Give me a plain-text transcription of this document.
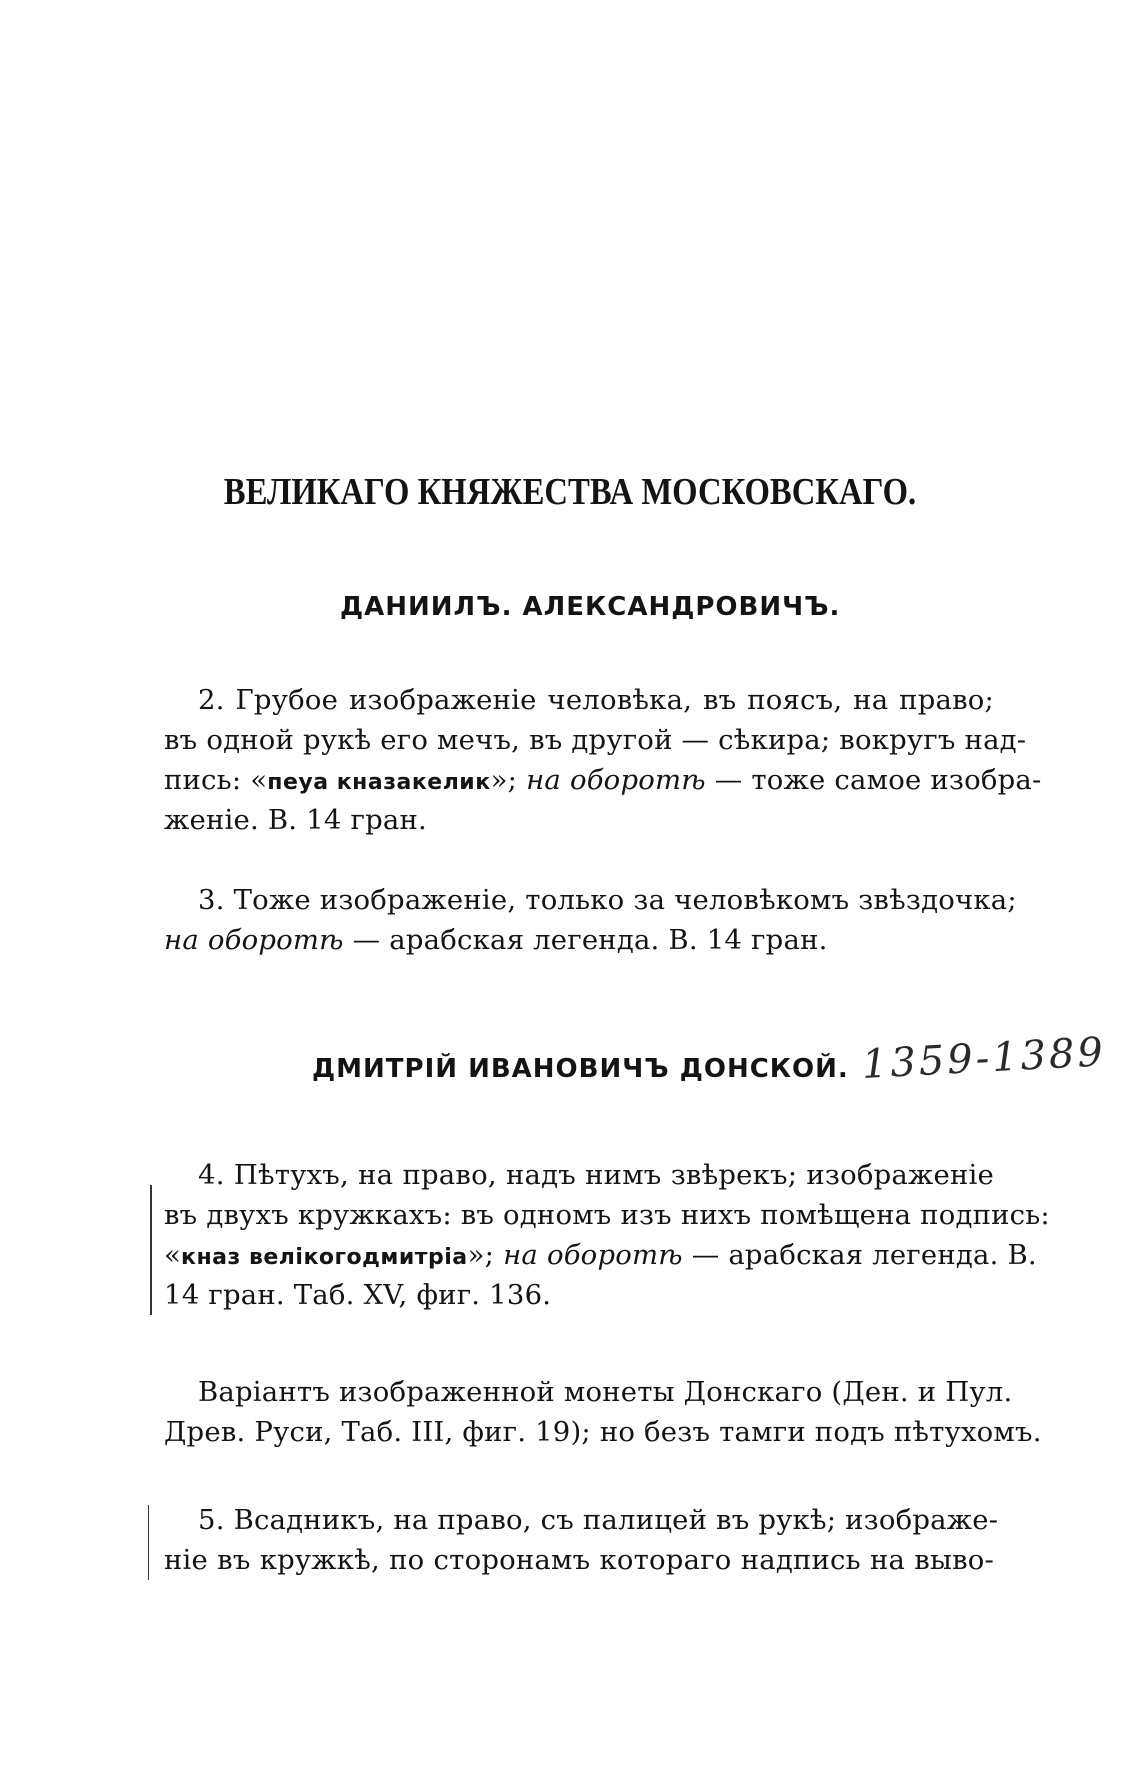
ВЕЛИКАГО КНЯЖЕСТВА МОСКОВСКАГО.
ДАНИИЛЪ. АЛЕКСАНДРОВИЧЪ.
2. Грубое изображеніе человѣка, въ поясъ, на право;
въ одной рукѣ его мечъ, въ другой — сѣкира; вокругъ над-
пись: «пеуа кназакелик»; на оборотѣ — тоже самое изобра-
женіе. В. 14 гран.
3. Тоже изображеніе, только за человѣкомъ звѣздочка;
на оборотѣ — арабская легенда. В. 14 гран.
ДМИТРІЙ ИВАНОВИЧЪ ДОНСКОЙ. 1359-1389
4. Пѣтухъ, на право, надъ нимъ звѣрекъ; изображеніе
въ двухъ кружкахъ: въ одномъ изъ нихъ помѣщена подпись:
«кназ велікогодмитріа»; на оборотѣ — арабская легенда. В.
14 гран. Таб. XV, фиг. 136.
Варіантъ изображенной монеты Донскаго (Ден. и Пул.
Древ. Руси, Таб. III, фиг. 19); но безъ тамги подъ пѣтухомъ.
5. Всадникъ, на право, съ палицей въ рукѣ; изображе-
ніе въ кружкѣ, по сторонамъ котораго надпись на выво-
